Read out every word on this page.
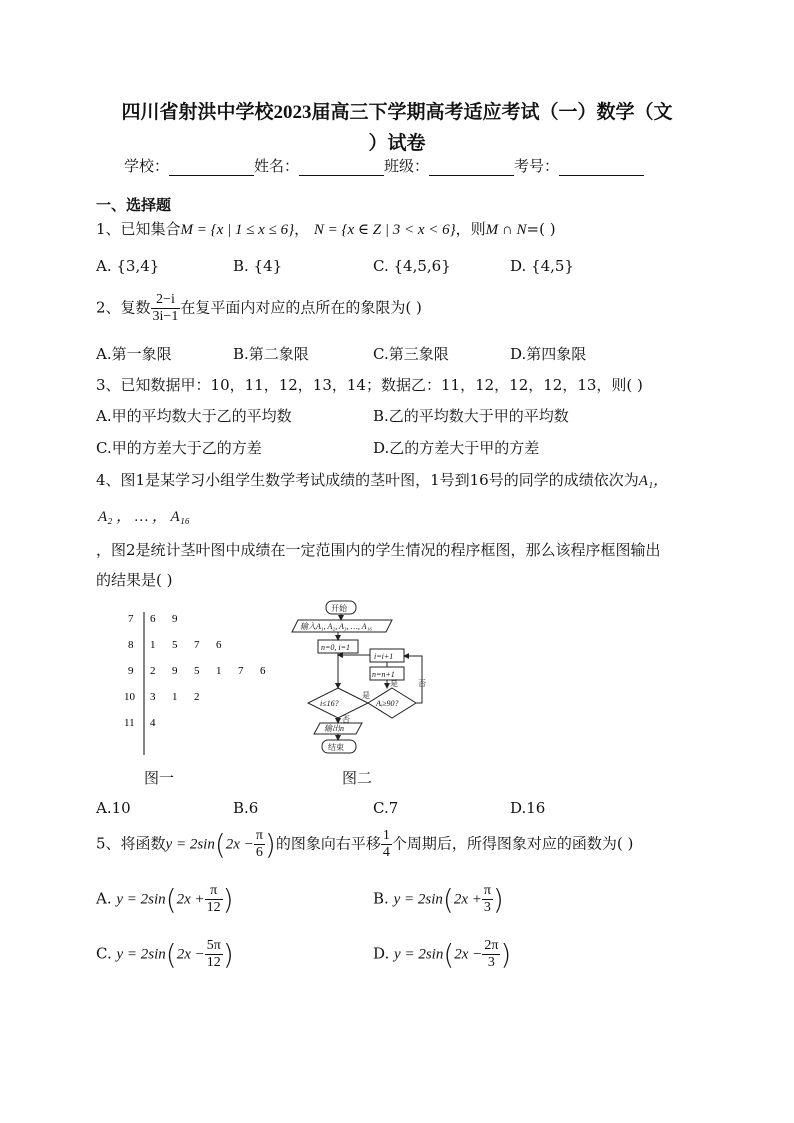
四川省射洪中学校2023届高三下学期高考适应考试（一）数学（文
）试卷
学校：	姓名：	班级：	考号：
一、选择题
1、已知集合M = {x | 1 ≤ x ≤ 6}， N = {x ∈ Z | 3 < x < 6}，则M ∩ N=( )
A. {3,4}	B. {4}	C. {4,5,6}	D. {4,5}
2、复数 $\frac{2-i}{3i-1}$ 在复平面内对应的点所在的象限为( )
A.第一象限	B.第二象限	C.第三象限	D.第四象限
3、已知数据甲：10，11，12，13，14；数据乙：11，12，12，12，13，则( )
A.甲的平均数大于乙的平均数	B.乙的平均数大于甲的平均数
C.甲的方差大于乙的方差	D.乙的方差大于甲的方差
4、图1是某学习小组学生数学考试成绩的茎叶图，1号到16号的同学的成绩依次为A₁，
A₂ ， … ， A₁₆
，图2是统计茎叶图中成绩在一定范围内的学生情况的程序框图，那么该程序框图输出
的结果是( )
7 6 9
8 1 5 7 6
9 2 9 5 1 7 6
10 3 1 2
11 4
开始
输入A₁, A₂, A₃, …, A₁₆
n=0, i=1
i=i+1
n=n+1
i≤16?	Aᵢ≥90?
是
否
是	否
输出n
结束
图一	图二
A.10	B.6	C.7	D.16
5、将函数$y = 2\sin(2x - \frac{\pi}{6}$ )的图象向右平移 $\frac{1}{4}$ 个周期后，所得图象对应的函数为( )
A. $y = 2\sin(2x + \frac{\pi}{12}$ )	B. $y = 2\sin(2x + \frac{\pi}{3}$ )
C. $y = 2\sin(2x - \frac{5\pi}{12}$ )	D. $y = 2\sin(2x - \frac{2\pi}{3}$ )
